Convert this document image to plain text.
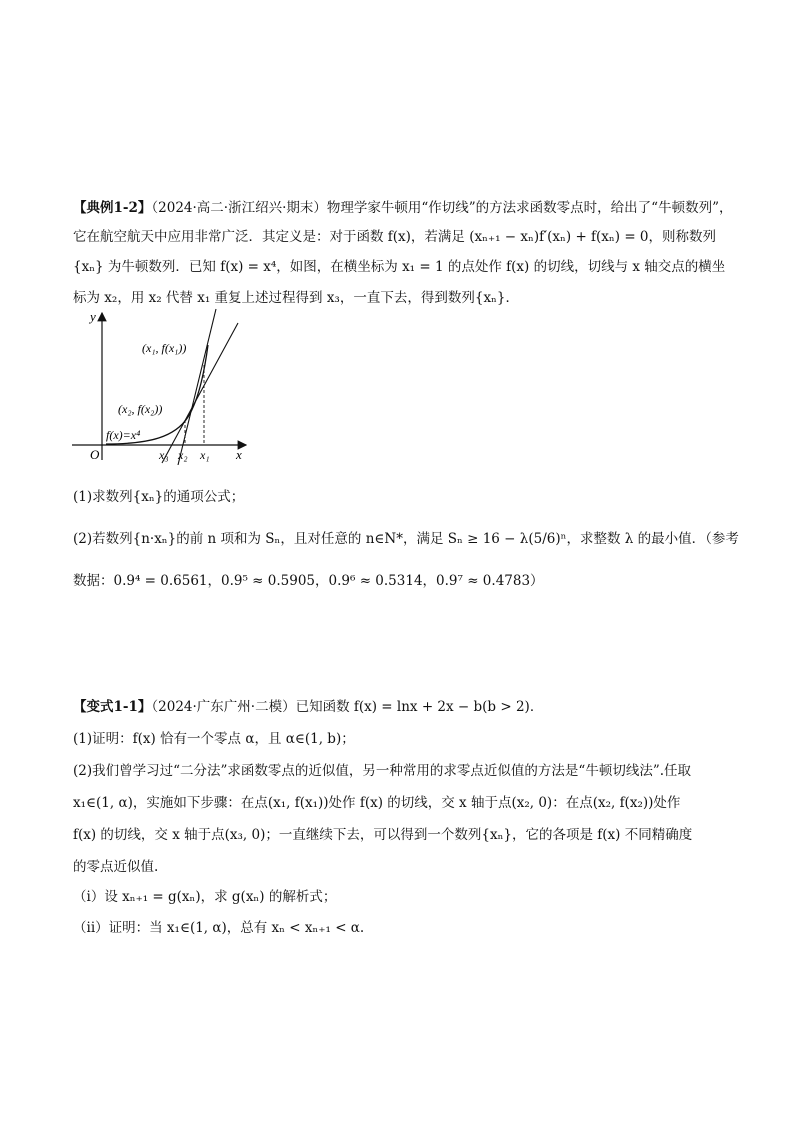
【典例1-2】（2024·高二·浙江绍兴·期末）物理学家牛顿用“作切线”的方法求函数零点时，给出了“牛顿数列”，
它在航空航天中应用非常广泛．其定义是：对于函数 f(x)，若满足 (xₙ₊₁ − xₙ)f′(xₙ) + f(xₙ) = 0，则称数列
{xₙ} 为牛顿数列．已知 f(x) = x⁴，如图，在横坐标为 x₁ = 1 的点处作 f(x) 的切线，切线与 x 轴交点的横坐
标为 x₂，用 x₂ 代替 x₁ 重复上述过程得到 x₃，一直下去，得到数列{xₙ}．
y
x
O
(x₁, f(x₁))
(x₂, f(x₂))
f(x)=x⁴
x₃ x₂ x₁
(1)求数列{xₙ}的通项公式；
(2)若数列{n·xₙ}的前 n 项和为 Sₙ，且对任意的 n∈N*，满足 Sₙ ≥ 16 − λ(5/6)ⁿ，求整数 λ 的最小值．（参考
数据：0.9⁴ = 0.6561，0.9⁵ ≈ 0.5905，0.9⁶ ≈ 0.5314，0.9⁷ ≈ 0.4783）
【变式1-1】（2024·广东广州·二模）已知函数 f(x) = lnx + 2x − b(b > 2)．
(1)证明：f(x) 恰有一个零点 α，且 α∈(1, b)；
(2)我们曾学习过“二分法”求函数零点的近似值，另一种常用的求零点近似值的方法是“牛顿切线法”.任取
x₁∈(1, α)，实施如下步骤：在点(x₁, f(x₁))处作 f(x) 的切线，交 x 轴于点(x₂, 0)：在点(x₂, f(x₂))处作
f(x) 的切线，交 x 轴于点(x₃, 0)；一直继续下去，可以得到一个数列{xₙ}，它的各项是 f(x) 不同精确度
的零点近似值.
（i）设 xₙ₊₁ = g(xₙ)，求 g(xₙ) 的解析式；
（ii）证明：当 x₁∈(1, α)，总有 xₙ < xₙ₊₁ < α.
